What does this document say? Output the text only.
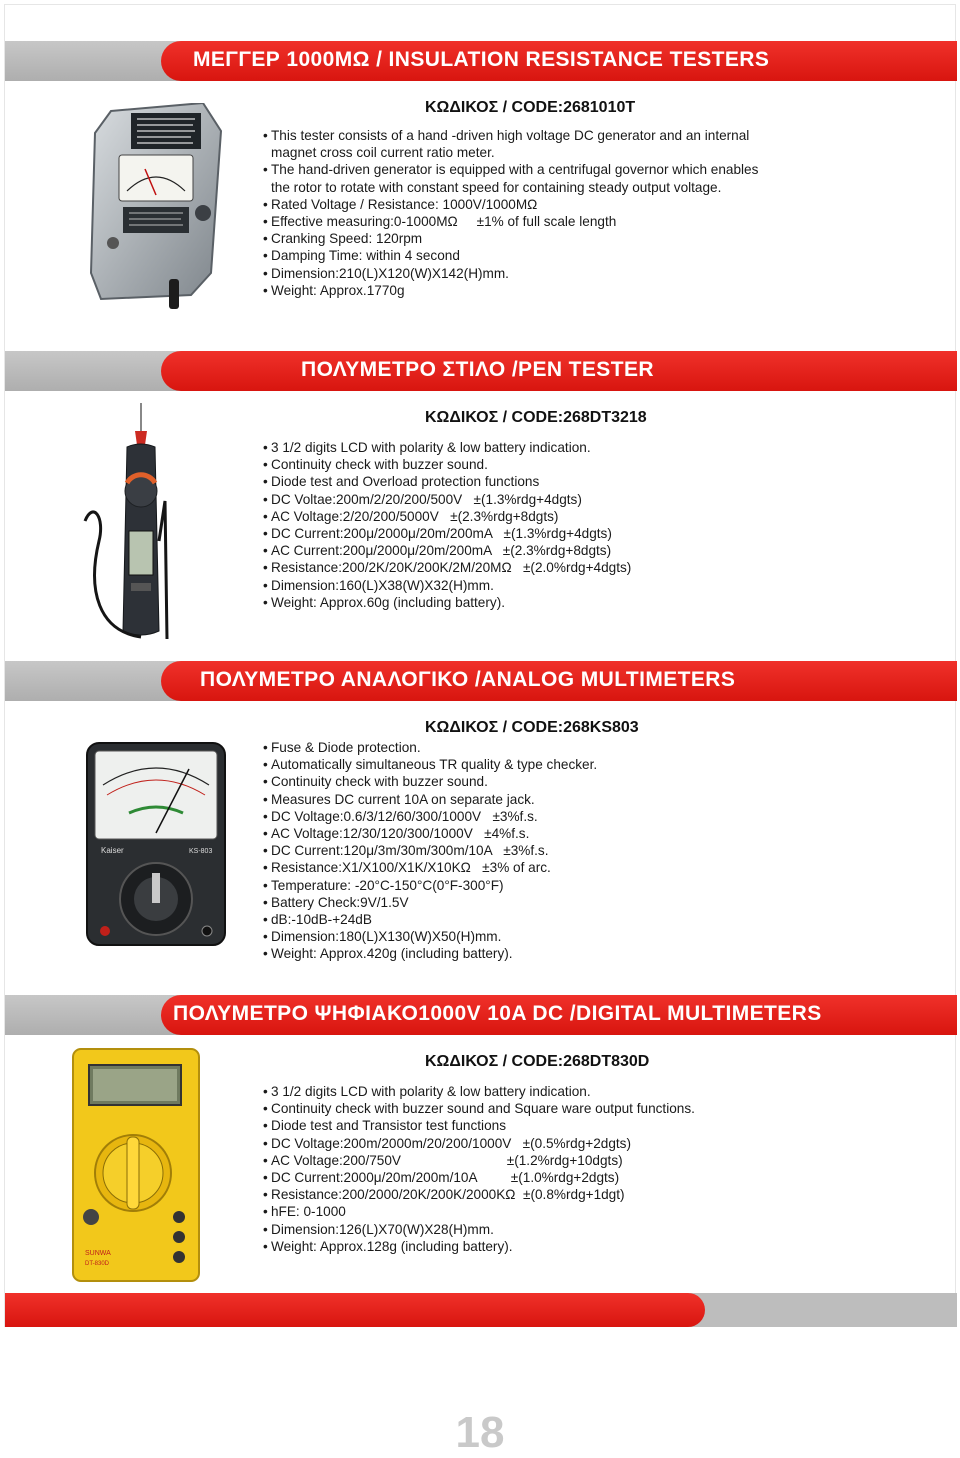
ΜΕΓΓΕΡ 1000ΜΩ / INSULATION RESISTANCE TESTERS
ΚΩΔΙΚΟΣ / CODE:2681010T
• This tester consists of a hand -driven high voltage DC generator and an internal
magnet cross coil current ratio meter.
• The hand-driven generator is equipped with a centrifugal governor which enables
the rotor to rotate with constant speed for containing steady output voltage.
• Rated Voltage / Resistance: 1000V/1000MΩ
• Effective measuring:0-1000MΩ     ±1% of full scale length
• Cranking Speed: 120rpm
• Damping Time: within 4 second
• Dimension:210(L)X120(W)X142(H)mm.
• Weight: Approx.1770g
ΠΟΛΥΜΕΤΡΟ ΣΤΙΛΟ /PEN TESTER
ΚΩΔΙΚΟΣ / CODE:268DT3218
• 3 1/2 digits LCD with polarity & low battery indication.
• Continuity check with buzzer sound.
• Diode test and Overload protection functions
• DC Voltae:200m/2/20/200/500V   ±(1.3%rdg+4dgts)
• AC Voltage:2/20/200/5000V   ±(2.3%rdg+8dgts)
• DC Current:200μ/2000μ/20m/200mA   ±(1.3%rdg+4dgts)
• AC Current:200μ/2000μ/20m/200mA   ±(2.3%rdg+8dgts)
• Resistance:200/2K/20K/200K/2M/20MΩ   ±(2.0%rdg+4dgts)
• Dimension:160(L)X38(W)X32(H)mm.
• Weight: Approx.60g (including battery).
ΠΟΛΥΜΕΤΡΟ ΑΝΑΛΟΓΙΚΟ /ANALOG MULTIMETERS
ΚΩΔΙΚΟΣ / CODE:268KS803
• Fuse & Diode protection.
• Automatically simultaneous TR quality & type checker.
• Continuity check with buzzer sound.
• Measures DC current 10A on separate jack.
• DC Voltage:0.6/3/12/60/300/1000V   ±3%f.s.
• AC Voltage:12/30/120/300/1000V   ±4%f.s.
• DC Current:120μ/3m/30m/300m/10A   ±3%f.s.
• Resistance:X1/X100/X1K/X10KΩ   ±3% of arc.
• Temperature: -20°C-150°C(0°F-300°F)
• Battery Check:9V/1.5V
• dB:-10dB-+24dB
• Dimension:180(L)X130(W)X50(H)mm.
• Weight: Approx.420g (including battery).
Kaiser	KS-803
ΠΟΛΥΜΕΤΡΟ ΨΗΦΙΑΚΟ1000V 10A DC /DIGITAL MULTIMETERS
ΚΩΔΙΚΟΣ / CODE:268DT830D
• 3 1/2 digits LCD with polarity & low battery indication.
• Continuity check with buzzer sound and Square ware output functions.
• Diode test and Transistor test functions
• DC Voltage:200m/2000m/20/200/1000V   ±(0.5%rdg+2dgts)
• AC Voltage:200/750V                            ±(1.2%rdg+10dgts)
• DC Current:2000μ/20m/200m/10A         ±(1.0%rdg+2dgts)
• Resistance:200/2000/20K/200K/2000KΩ  ±(0.8%rdg+1dgt)
• hFE: 0-1000
• Dimension:126(L)X70(W)X28(H)mm.
• Weight: Approx.128g (including battery).
SUNWA
DT-830D
18
